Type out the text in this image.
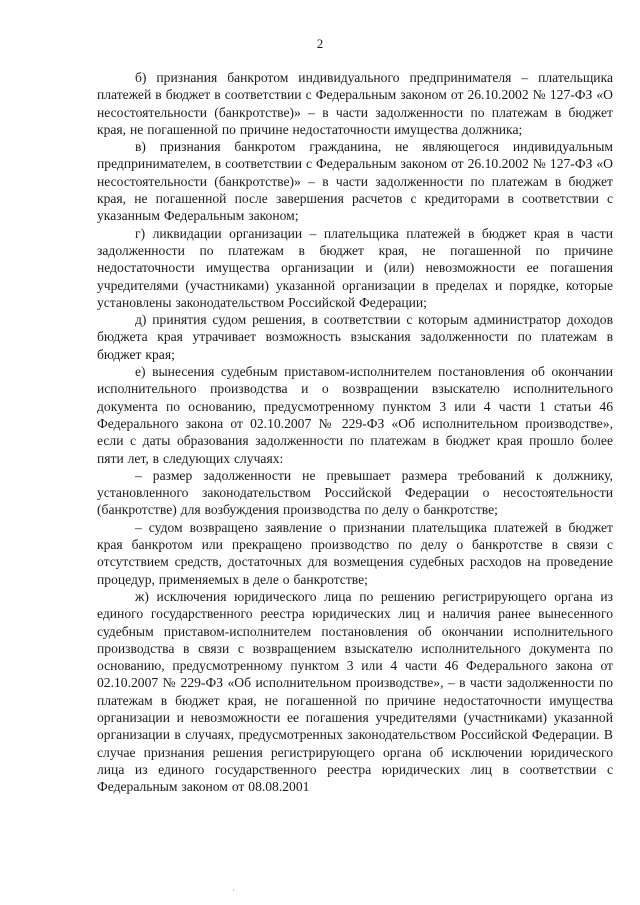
2

б) признания банкротом индивидуального предпринимателя – плательщика платежей в бюджет в соответствии с Федеральным законом от 26.10.2002 № 127-ФЗ «О несостоятельности (банкротстве)» – в части задолженности по платежам в бюджет края, не погашенной по причине недостаточности имущества должника;

в) признания банкротом гражданина, не являющегося индивидуальным предпринимателем, в соответствии с Федеральным законом от 26.10.2002 № 127-ФЗ «О несостоятельности (банкротстве)» – в части задолженности по платежам в бюджет края, не погашенной после завершения расчетов с кредиторами в соответствии с указанным Федеральным законом;

г) ликвидации организации – плательщика платежей в бюджет края в части задолженности по платежам в бюджет края, не погашенной по причине недостаточности имущества организации и (или) невозможности ее погашения учредителями (участниками) указанной организации в пределах и порядке, которые установлены законодательством Российской Федерации;

д) принятия судом решения, в соответствии с которым администратор доходов бюджета края утрачивает возможность взыскания задолженности по платежам в бюджет края;

е) вынесения судебным приставом-исполнителем постановления об окончании исполнительного производства и о возвращении взыскателю исполнительного документа по основанию, предусмотренному пунктом 3 или 4 части 1 статьи 46 Федерального закона от 02.10.2007 № 229-ФЗ «Об исполнительном производстве», если с даты образования задолженности по платежам в бюджет края прошло более пяти лет, в следующих случаях:

– размер задолженности не превышает размера требований к должнику, установленного законодательством Российской Федерации о несостоятельности (банкротстве) для возбуждения производства по делу о банкротстве;

– судом возвращено заявление о признании плательщика платежей в бюджет края банкротом или прекращено производство по делу о банкротстве в связи с отсутствием средств, достаточных для возмещения судебных расходов на проведение процедур, применяемых в деле о банкротстве;

ж) исключения юридического лица по решению регистрирующего органа из единого государственного реестра юридических лиц и наличия ранее вынесенного судебным приставом-исполнителем постановления об окончании исполнительного производства в связи с возвращением взыскателю исполнительного документа по основанию, предусмотренному пунктом 3 или 4 части 46 Федерального закона от 02.10.2007 № 229-ФЗ «Об исполнительном производстве», – в части задолженности по платежам в бюджет края, не погашенной по причине недостаточности имущества организации и невозможности ее погашения учредителями (участниками) указанной организации в случаях, предусмотренных законодательством Российской Федерации. В случае признания решения регистрирующего органа об исключении юридического лица из единого государственного реестра юридических лиц в соответствии с Федеральным законом от 08.08.2001

·
